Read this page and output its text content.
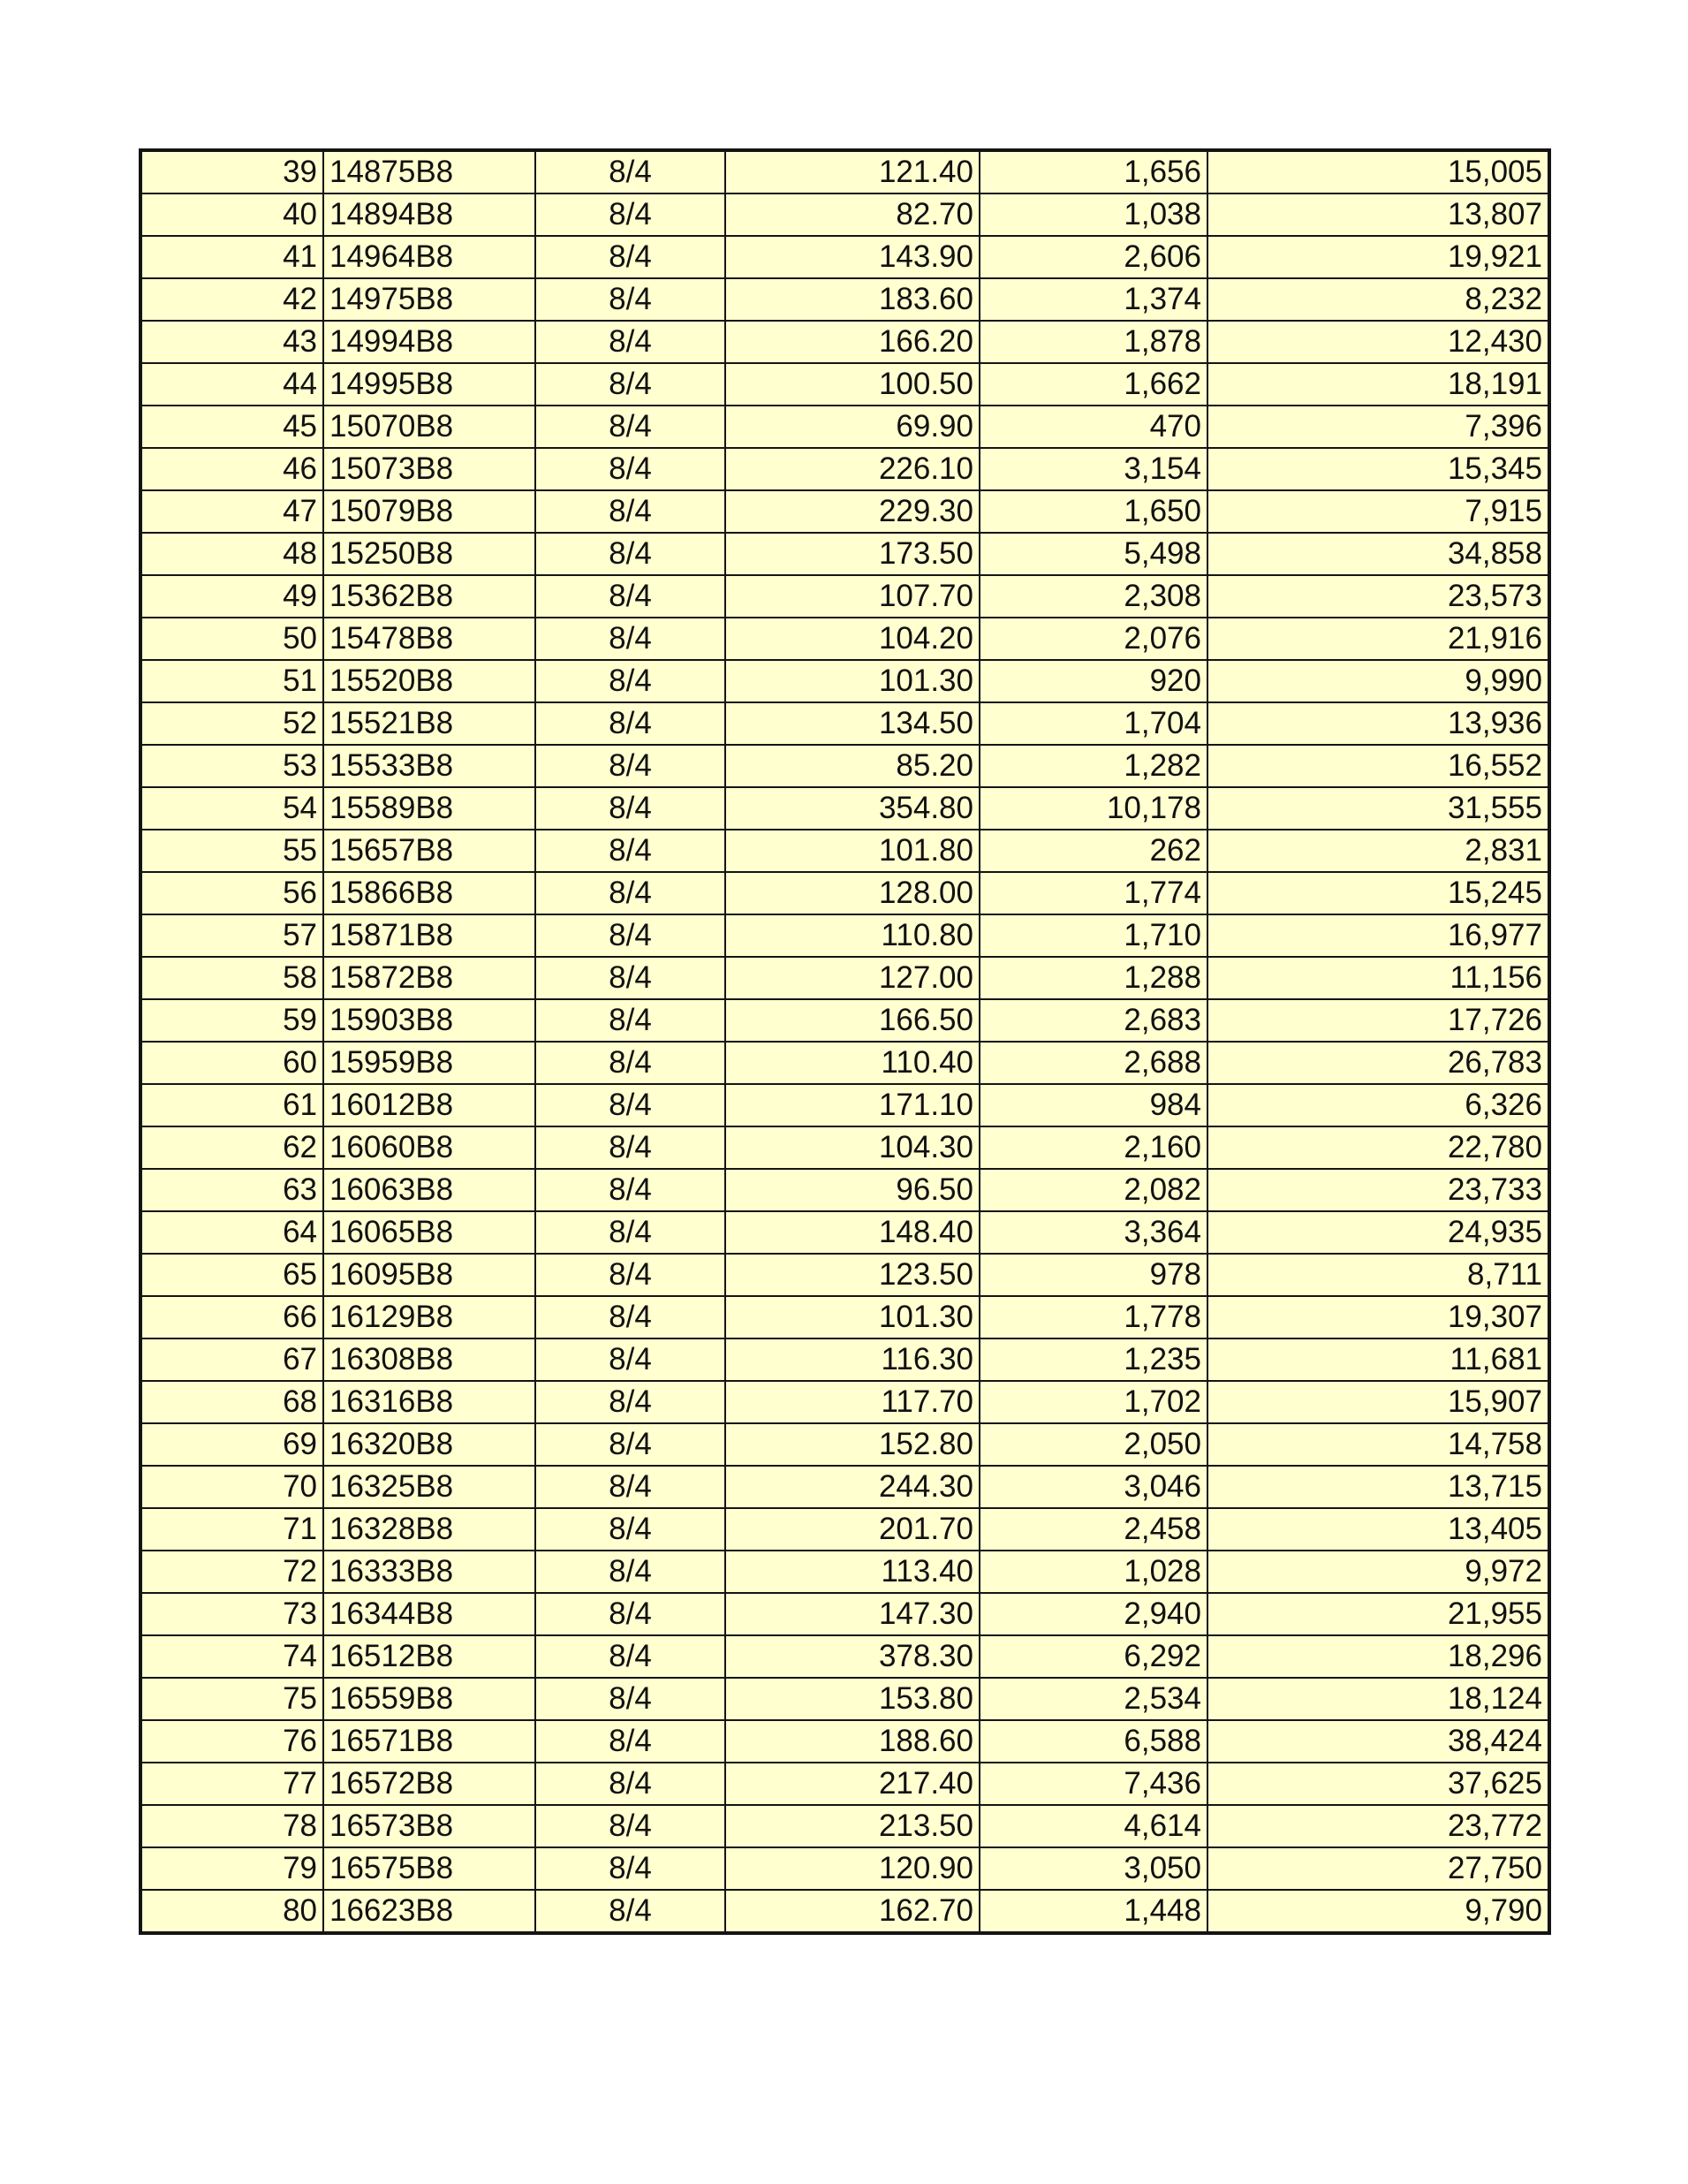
39	14875B8	8/4	121.40	1,656	15,005
40	14894B8	8/4	82.70	1,038	13,807
41	14964B8	8/4	143.90	2,606	19,921
42	14975B8	8/4	183.60	1,374	8,232
43	14994B8	8/4	166.20	1,878	12,430
44	14995B8	8/4	100.50	1,662	18,191
45	15070B8	8/4	69.90	470	7,396
46	15073B8	8/4	226.10	3,154	15,345
47	15079B8	8/4	229.30	1,650	7,915
48	15250B8	8/4	173.50	5,498	34,858
49	15362B8	8/4	107.70	2,308	23,573
50	15478B8	8/4	104.20	2,076	21,916
51	15520B8	8/4	101.30	920	9,990
52	15521B8	8/4	134.50	1,704	13,936
53	15533B8	8/4	85.20	1,282	16,552
54	15589B8	8/4	354.80	10,178	31,555
55	15657B8	8/4	101.80	262	2,831
56	15866B8	8/4	128.00	1,774	15,245
57	15871B8	8/4	110.80	1,710	16,977
58	15872B8	8/4	127.00	1,288	11,156
59	15903B8	8/4	166.50	2,683	17,726
60	15959B8	8/4	110.40	2,688	26,783
61	16012B8	8/4	171.10	984	6,326
62	16060B8	8/4	104.30	2,160	22,780
63	16063B8	8/4	96.50	2,082	23,733
64	16065B8	8/4	148.40	3,364	24,935
65	16095B8	8/4	123.50	978	8,711
66	16129B8	8/4	101.30	1,778	19,307
67	16308B8	8/4	116.30	1,235	11,681
68	16316B8	8/4	117.70	1,702	15,907
69	16320B8	8/4	152.80	2,050	14,758
70	16325B8	8/4	244.30	3,046	13,715
71	16328B8	8/4	201.70	2,458	13,405
72	16333B8	8/4	113.40	1,028	9,972
73	16344B8	8/4	147.30	2,940	21,955
74	16512B8	8/4	378.30	6,292	18,296
75	16559B8	8/4	153.80	2,534	18,124
76	16571B8	8/4	188.60	6,588	38,424
77	16572B8	8/4	217.40	7,436	37,625
78	16573B8	8/4	213.50	4,614	23,772
79	16575B8	8/4	120.90	3,050	27,750
80	16623B8	8/4	162.70	1,448	9,790
